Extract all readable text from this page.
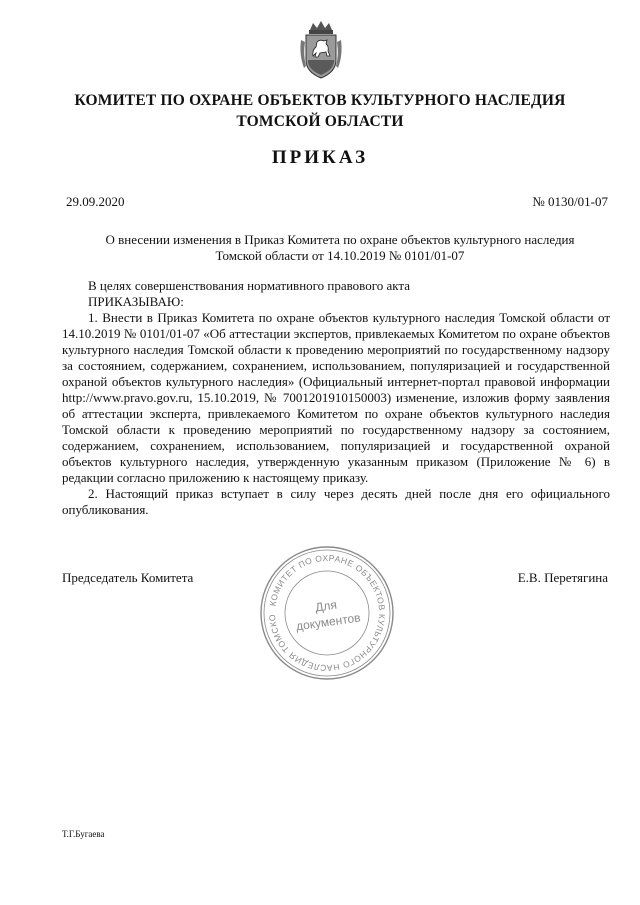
КОМИТЕТ ПО ОХРАНЕ ОБЪЕКТОВ КУЛЬТУРНОГО НАСЛЕДИЯ
ТОМСКОЙ ОБЛАСТИ
ПРИКАЗ
29.09.2020	№ 0130/01-07
О внесении изменения в Приказ Комитета по охране объектов культурного наследия
Томской области от 14.10.2019 № 0101/01-07

В целях совершенствования нормативного правового акта

ПРИКАЗЫВАЮ:

1. Внести в Приказ Комитета по охране объектов культурного наследия Томской области от 14.10.2019 № 0101/01-07 «Об аттестации экспертов, привлекаемых Комитетом по охране объектов культурного наследия Томской области к проведению мероприятий по государственному надзору за состоянием, содержанием, сохранением, использованием, популяризацией и государственной охраной объектов культурного наследия» (Официальный интернет-портал правовой информации http://www.pravo.gov.ru, 15.10.2019, № 7001201910150003) изменение, изложив форму заявления об аттестации эксперта, привлекаемого Комитетом по охране объектов культурного наследия Томской области к проведению мероприятий по государственному надзору за состоянием, содержанием, сохранением, использованием, популяризацией и государственной охраной объектов культурного наследия, утвержденную указанным приказом (Приложение № 6) в редакции согласно приложению к настоящему приказу.

2. Настоящий приказ вступает в силу через десять дней после дня его официального опубликования.

Председатель Комитета	Е.В. Перетягина
КОМИТЕТ ПО ОХРАНЕ ОБЪЕКТОВ КУЛЬТУРНОГО НАСЛЕДИЯ ТОМСКО
Для
документов
Т.Г.Бугаева
